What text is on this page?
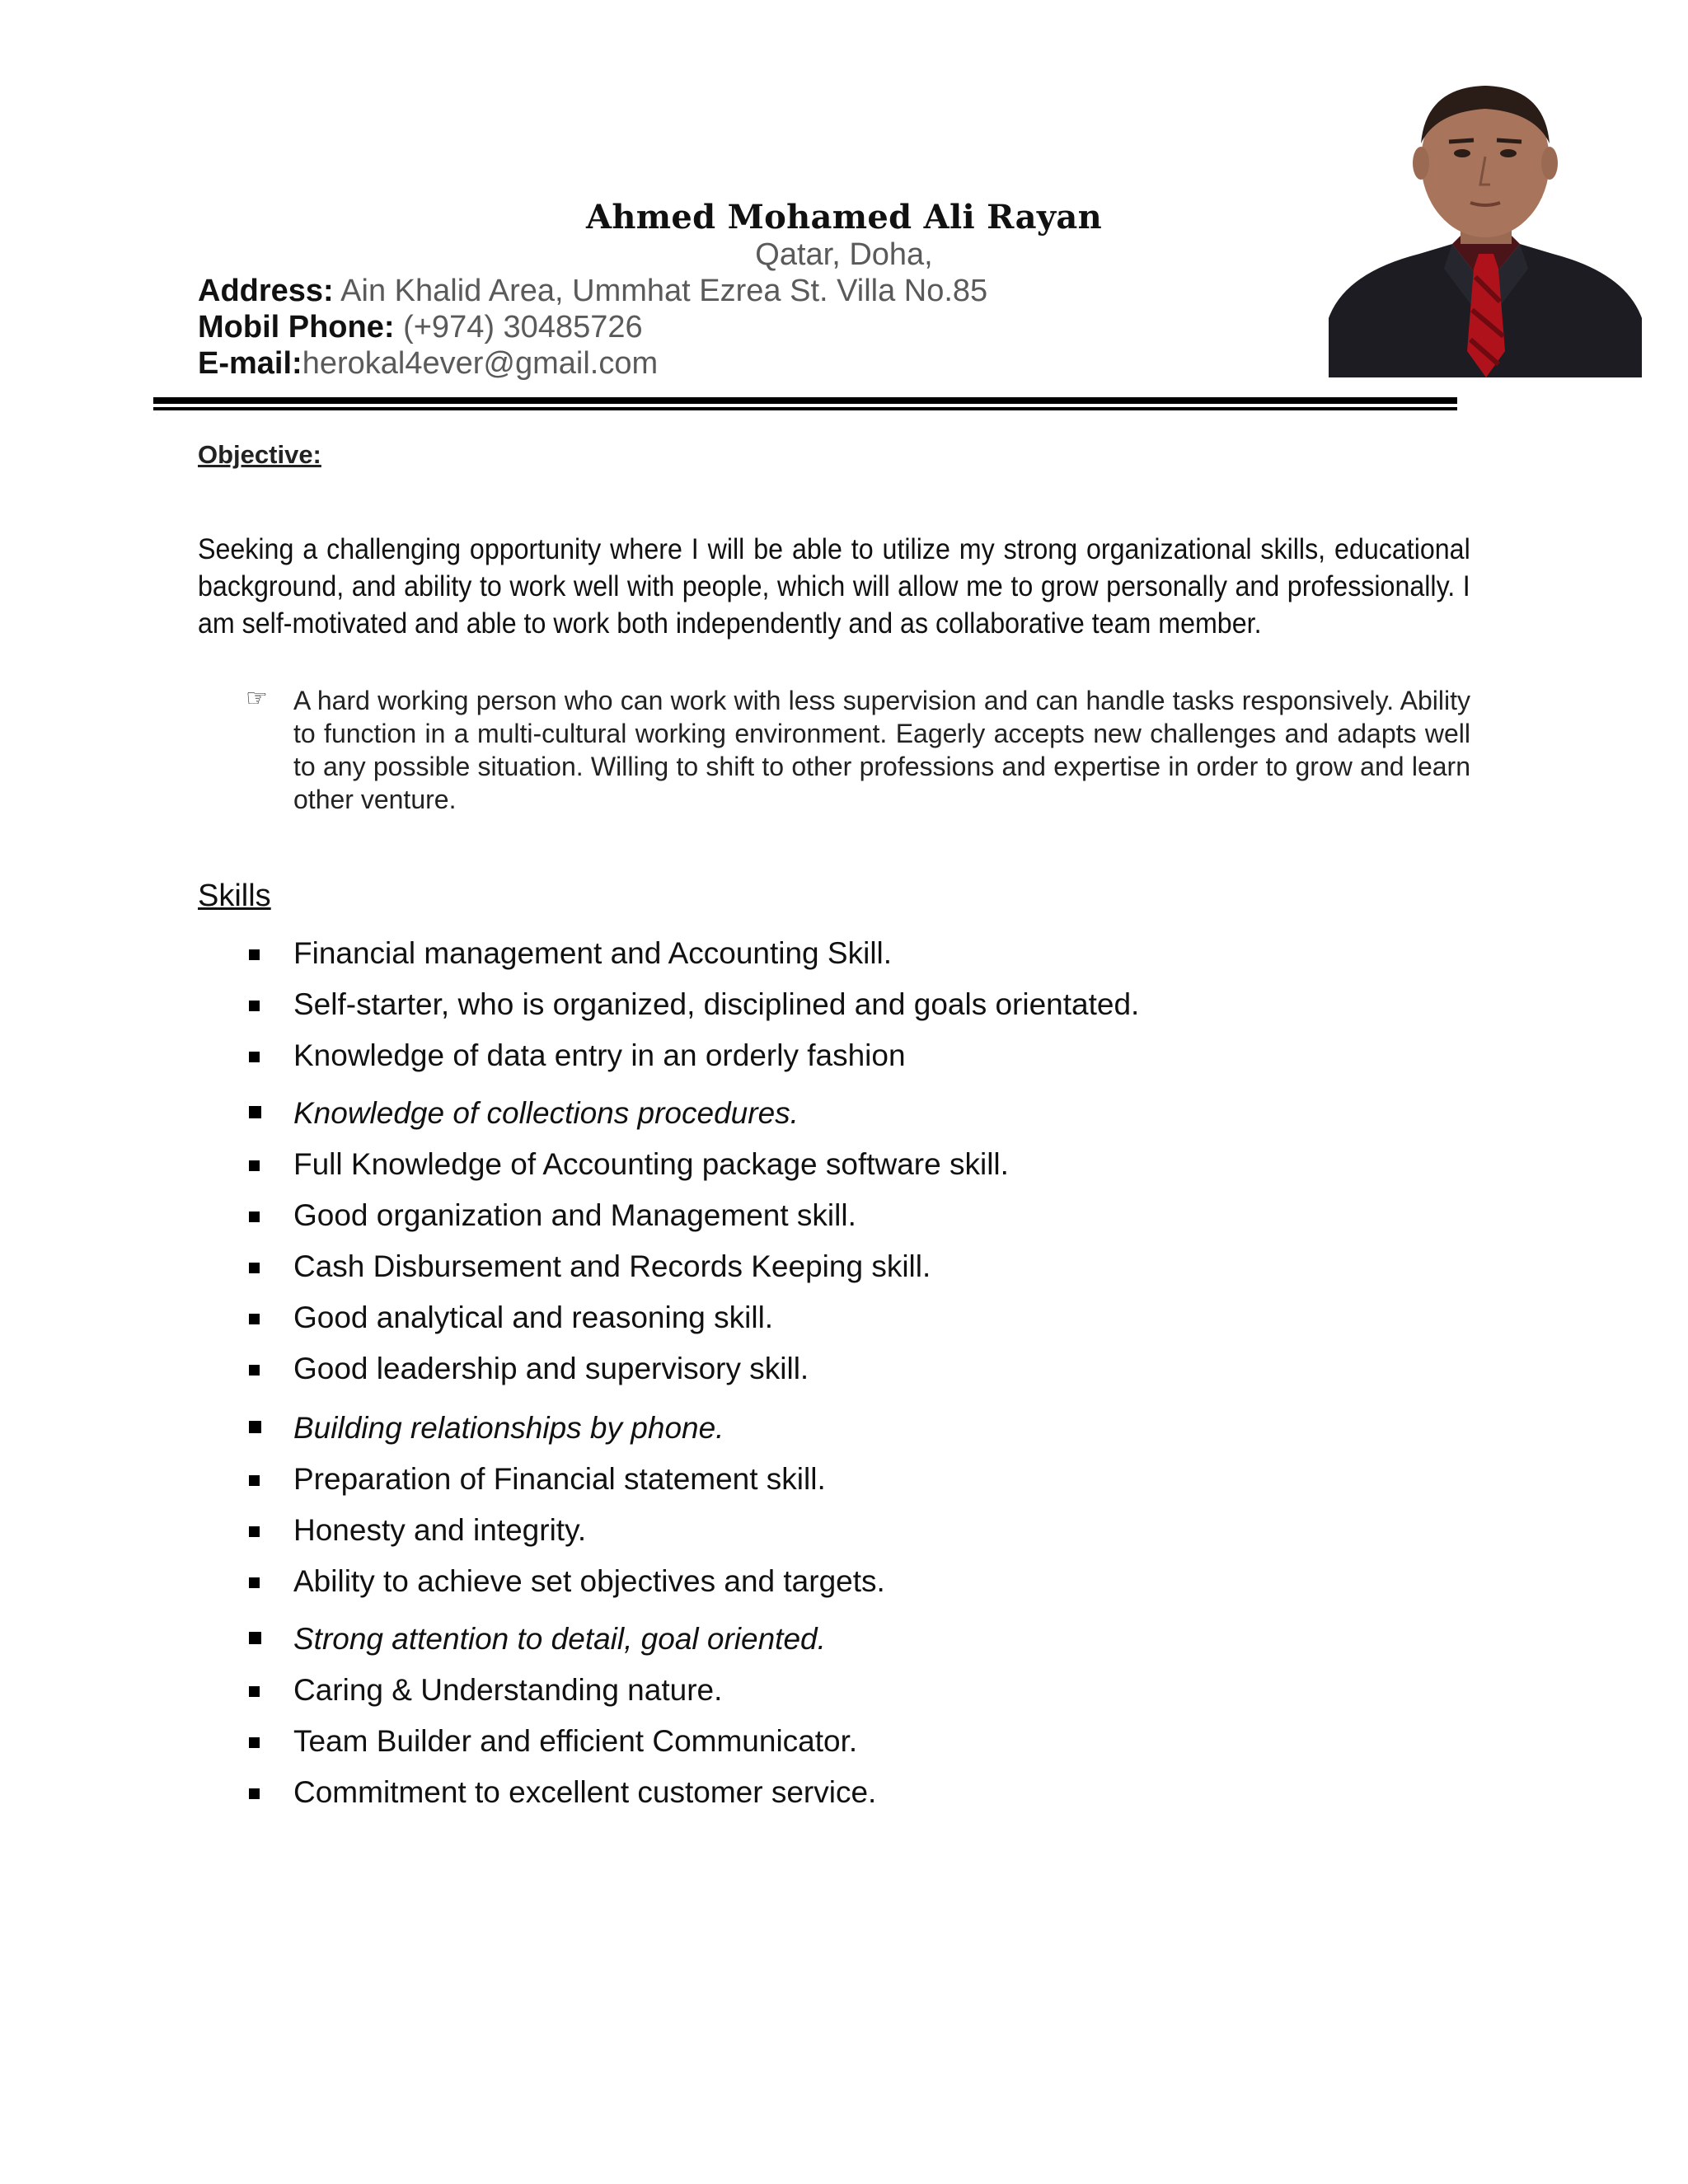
Ahmed Mohamed Ali Rayan
Qatar, Doha,
Address: Ain Khalid Area, Ummhat Ezrea St. Villa No.85
Mobil Phone: (+974) 30485726
E-mail:herokal4ever@gmail.com
Objective:
Seeking a challenging opportunity where I will be able to utilize my strong organizational skills, educational background, and ability to work well with people, which will allow me to grow personally and professionally. I am self-motivated and able to work both independently and as collaborative team member.
☞ A hard working person who can work with less supervision and can handle tasks responsively. Ability to function in a multi-cultural working environment. Eagerly accepts new challenges and adapts well to any possible situation. Willing to shift to other professions and expertise in order to grow and learn other venture.
Skills
Financial management and Accounting Skill.
Self-starter, who is organized, disciplined and goals orientated.
Knowledge of data entry in an orderly fashion
Knowledge of collections procedures.
Full Knowledge of Accounting package software skill.
Good organization and Management skill.
Cash Disbursement and Records Keeping skill.
Good analytical and reasoning skill.
Good leadership and supervisory skill.
Building relationships by phone.
Preparation of Financial statement skill.
Honesty and integrity.
Ability to achieve set objectives and targets.
Strong attention to detail, goal oriented.
Caring & Understanding nature.
Team Builder and efficient Communicator.
Commitment to excellent customer service.
